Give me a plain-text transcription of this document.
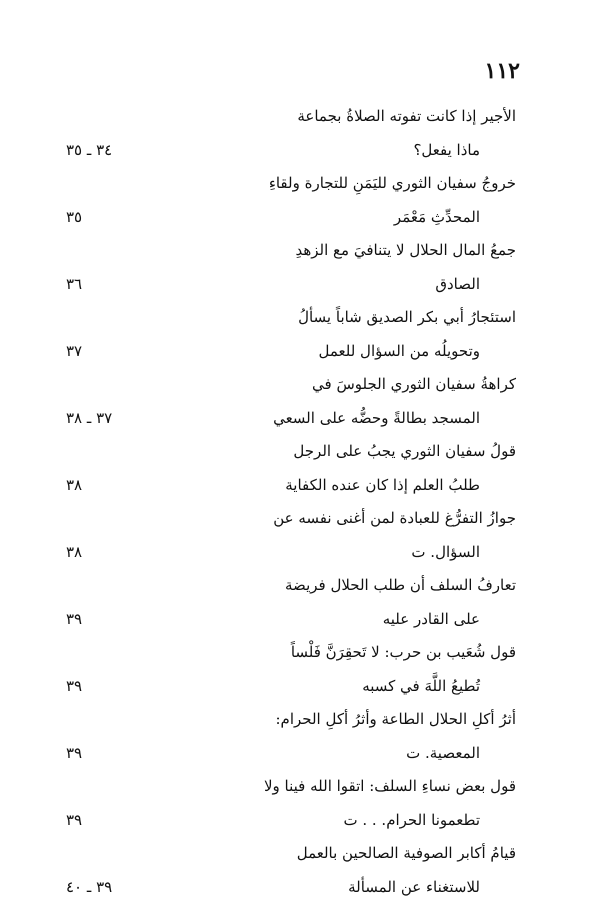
١١٢
الأجير إذا كانت تفوته الصلاةُ بجماعة
ماذا يفعل؟
٣٤ ـ ٣٥
خروجُ سفيان الثوري لليَمَنِ للتجارة ولقاءِ
المحدِّثِ مَعْمَر
٣٥
جمعُ المال الحلال لا يتنافيَ مع الزهدِ
الصادق
٣٦
استئجارُ أبي بكر الصديق شاباً يسألُ
وتحويلُه من السؤال للعمل
٣٧
كراهةُ سفيان الثوري الجلوسَ في
المسجد بطالةً وحضُّه على السعي
٣٧ ـ ٣٨
قولُ سفيان الثوري يجبُ على الرجل
طلبُ العلم إذا كان عنده الكفاية
٣٨
جوازُ التفرُّغ للعبادة لمن أغنى نفسه عن
السؤال. ت
٣٨
تعارفُ السلف أن طلب الحلال فريضة
على القادر عليه
٣٩
قول شُعَيب بن حرب: لا تَحقِرَنَّ فَلْساً
تُطيعُ اللَّهَ في كسبه
٣٩
أثرُ أكلِ الحلال الطاعة وأثرُ أكلِ الحرام:
المعصية. ت
٣٩
قول بعض نساءِ السلف: اتقوا الله فينا ولا
تطعمونا الحرام. . . ت
٣٩
قيامُ أكابر الصوفية الصالحين بالعمل
للاستغناء عن المسألة
٣٩ ـ ٤٠
